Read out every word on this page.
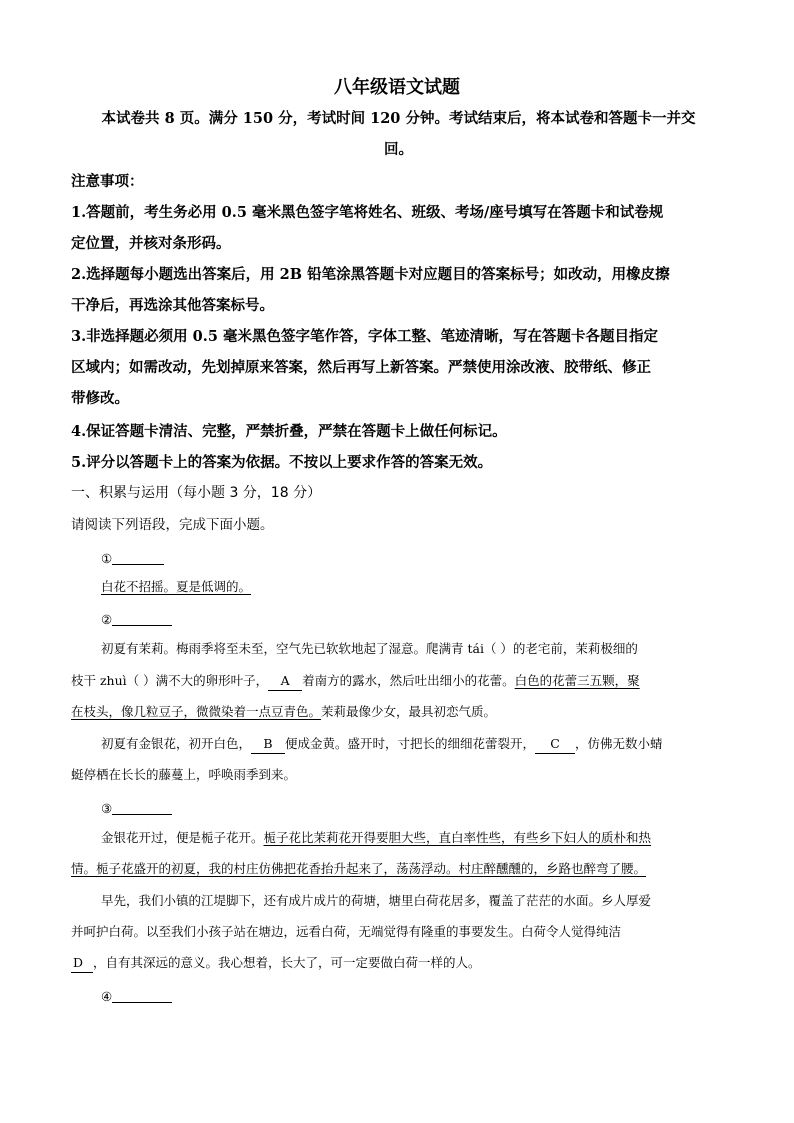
八年级语文试题
本试卷共 8 页。满分 150 分，考试时间 120 分钟。考试结束后，将本试卷和答题卡一并交
回。
注意事项：
1.答题前，考生务必用 0.5 毫米黑色签字笔将姓名、班级、考场/座号填写在答题卡和试卷规
定位置，并核对条形码。
2.选择题每小题选出答案后，用 2B 铅笔涂黑答题卡对应题目的答案标号；如改动，用橡皮擦
干净后，再选涂其他答案标号。
3.非选择题必须用 0.5 毫米黑色签字笔作答，字体工整、笔迹清晰，写在答题卡各题目指定
区域内；如需改动，先划掉原来答案，然后再写上新答案。严禁使用涂改液、胶带纸、修正
带修改。
4.保证答题卡清洁、完整，严禁折叠，严禁在答题卡上做任何标记。
5.评分以答题卡上的答案为依据。不按以上要求作答的答案无效。
一、积累与运用（每小题 3 分，18 分）
请阅读下列语段，完成下面小题。
①
白花不招摇。夏是低调的。
②
初夏有茉莉。梅雨季将至未至，空气先已软软地起了湿意。爬满青 tái（ ）的老宅前，茉莉极细的
枝干 zhuì（ ）满不大的卵形叶子， A 着南方的露水，然后吐出细小的花蕾。白色的花蕾三五颗，聚
在枝头，像几粒豆子，微微染着一点豆青色。茉莉最像少女，最具初恋气质。
初夏有金银花，初开白色， B 便成金黄。盛开时，寸把长的细细花蕾裂开， C ，仿佛无数小蜻
蜓停栖在长长的藤蔓上，呼唤雨季到来。
③
金银花开过，便是栀子花开。栀子花比茉莉花开得要胆大些，直白率性些，有些乡下妇人的质朴和热
情。栀子花盛开的初夏，我的村庄仿佛把花香抬升起来了，荡荡浮动。村庄醉醺醺的，乡路也醉弯了腰。
早先，我们小镇的江堤脚下，还有成片成片的荷塘，塘里白荷花居多，覆盖了茫茫的水面。乡人厚爱
并呵护白荷。以至我们小孩子站在塘边，远看白荷，无端觉得有隆重的事要发生。白荷令人觉得纯洁
D ，自有其深远的意义。我心想着，长大了，可一定要做白荷一样的人。
④
